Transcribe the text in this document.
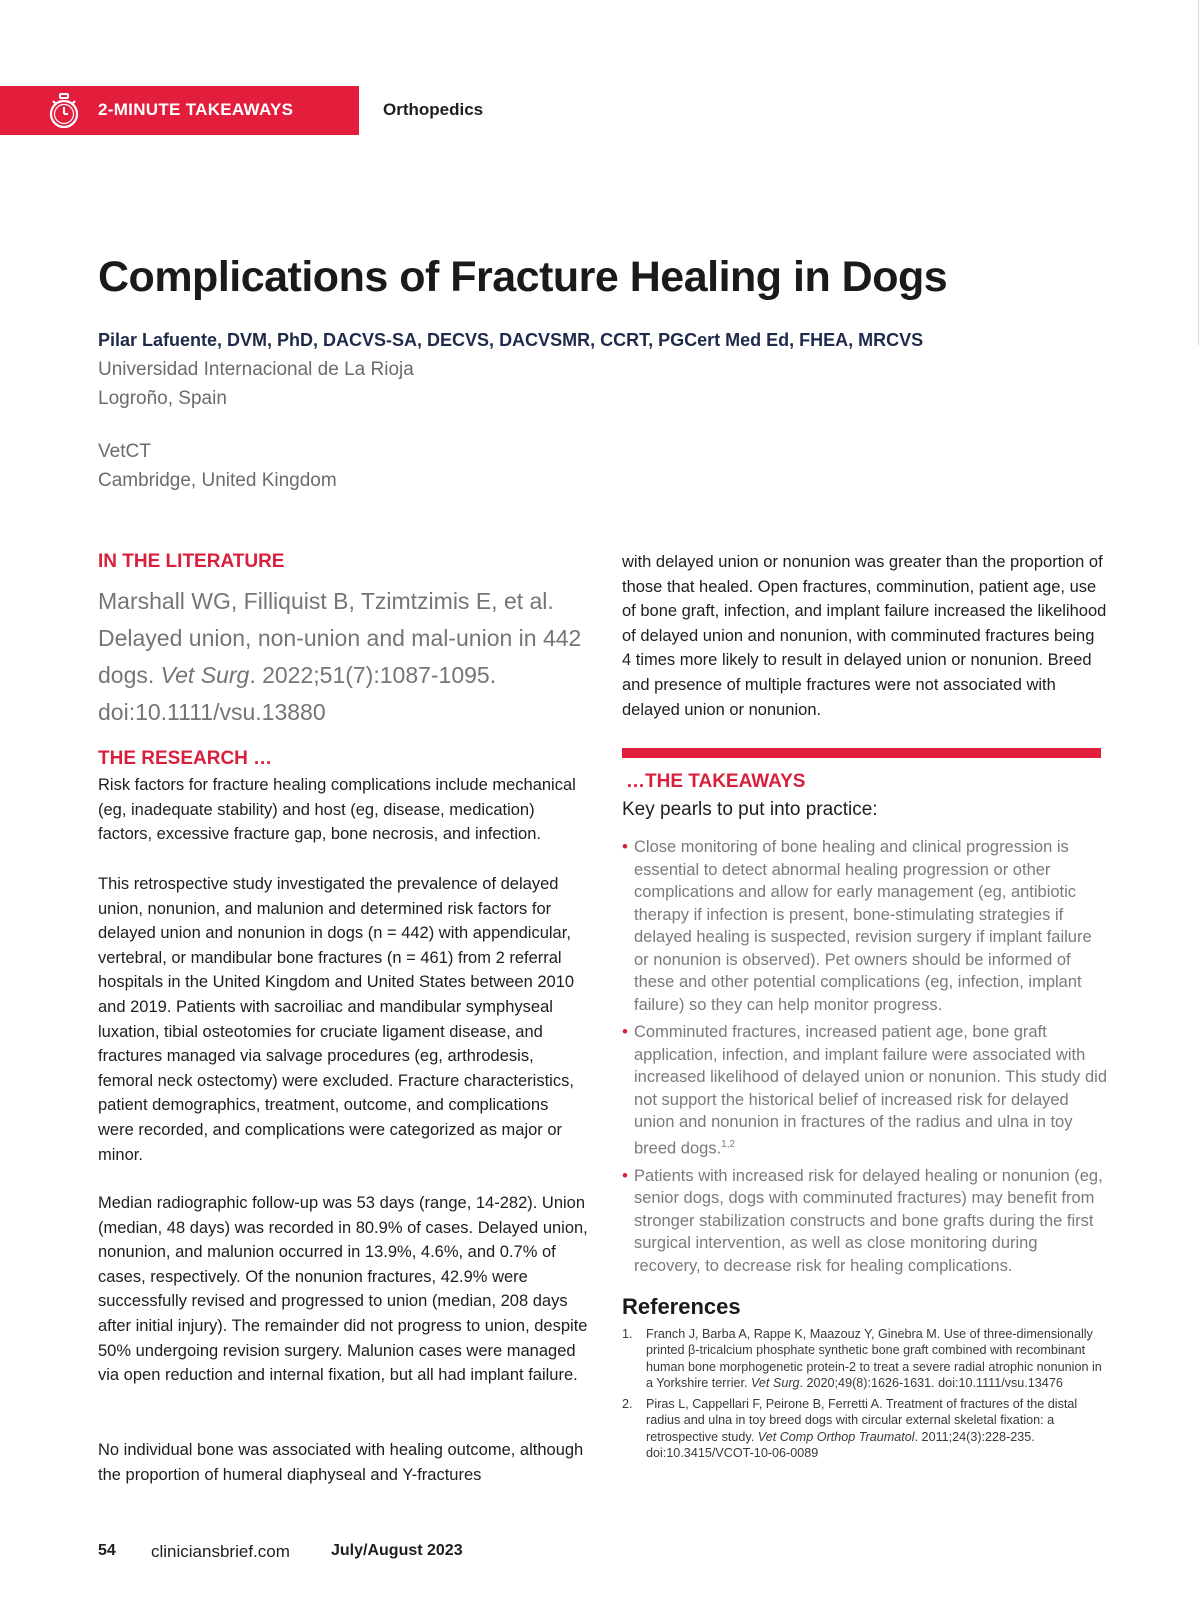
2-MINUTE TAKEAWAYS	Orthopedics
Complications of Fracture Healing in Dogs
Pilar Lafuente, DVM, PhD, DACVS-SA, DECVS, DACVSMR, CCRT, PGCert Med Ed, FHEA, MRCVS
Universidad Internacional de La Rioja
Logroño, Spain
VetCT
Cambridge, United Kingdom
IN THE LITERATURE
Marshall WG, Filliquist B, Tzimtzimis E, et al. Delayed union, non-union and mal-union in 442 dogs. Vet Surg. 2022;51(7):1087-1095. doi:10.1111/vsu.13880
THE RESEARCH …

Risk factors for fracture healing complications include mechanical (eg, inadequate stability) and host (eg, disease, medication) factors, excessive fracture gap, bone necrosis, and infection.

This retrospective study investigated the prevalence of delayed union, nonunion, and malunion and determined risk factors for delayed union and nonunion in dogs (n = 442) with appendicular, vertebral, or mandibular bone fractures (n = 461) from 2 referral hospitals in the United Kingdom and United States between 2010 and 2019. Patients with sacroiliac and mandibular symphyseal luxation, tibial osteotomies for cruciate ligament disease, and fractures managed via salvage procedures (eg, arthrodesis, femoral neck ostectomy) were excluded. Fracture characteristics, patient demographics, treatment, outcome, and complications were recorded, and complications were categorized as major or minor.

Median radiographic follow-up was 53 days (range, 14-282). Union (median, 48 days) was recorded in 80.9% of cases. Delayed union, nonunion, and malunion occurred in 13.9%, 4.6%, and 0.7% of cases, respectively. Of the nonunion fractures, 42.9% were successfully revised and progressed to union (median, 208 days after initial injury). The remainder did not progress to union, despite 50% undergoing revision surgery. Malunion cases were managed via open reduction and internal fixation, but all had implant failure.

No individual bone was associated with healing outcome, although the proportion of humeral diaphyseal and Y-fractures

with delayed union or nonunion was greater than the proportion of those that healed. Open fractures, comminution, patient age, use of bone graft, infection, and implant failure increased the likelihood of delayed union and nonunion, with comminuted fractures being 4 times more likely to result in delayed union or nonunion. Breed and presence of multiple fractures were not associated with delayed union or nonunion.

…THE TAKEAWAYS
Key pearls to put into practice:
• Close monitoring of bone healing and clinical progression is essential to detect abnormal healing progression or other complications and allow for early management (eg, antibiotic therapy if infection is present, bone-stimulating strategies if delayed healing is suspected, revision surgery if implant failure or nonunion is observed). Pet owners should be informed of these and other potential complications (eg, infection, implant failure) so they can help monitor progress.
• Comminuted fractures, increased patient age, bone graft application, infection, and implant failure were associated with increased likelihood of delayed union or nonunion. This study did not support the historical belief of increased risk for delayed union and nonunion in fractures of the radius and ulna in toy breed dogs.$^{1,2}$
• Patients with increased risk for delayed healing or nonunion (eg, senior dogs, dogs with comminuted fractures) may benefit from stronger stabilization constructs and bone grafts during the first surgical intervention, as well as close monitoring during recovery, to decrease risk for healing complications.
References
1. Franch J, Barba A, Rappe K, Maazouz Y, Ginebra M. Use of three-dimensionally printed β-tricalcium phosphate synthetic bone graft combined with recombinant human bone morphogenetic protein-2 to treat a severe radial atrophic nonunion in a Yorkshire terrier. Vet Surg. 2020;49(8):1626-1631. doi:10.1111/vsu.13476
2. Piras L, Cappellari F, Peirone B, Ferretti A. Treatment of fractures of the distal radius and ulna in toy breed dogs with circular external skeletal fixation: a retrospective study. Vet Comp Orthop Traumatol. 2011;24(3):228-235. doi:10.3415/VCOT-10-06-0089
54 cliniciansbrief.com	July/August 2023
